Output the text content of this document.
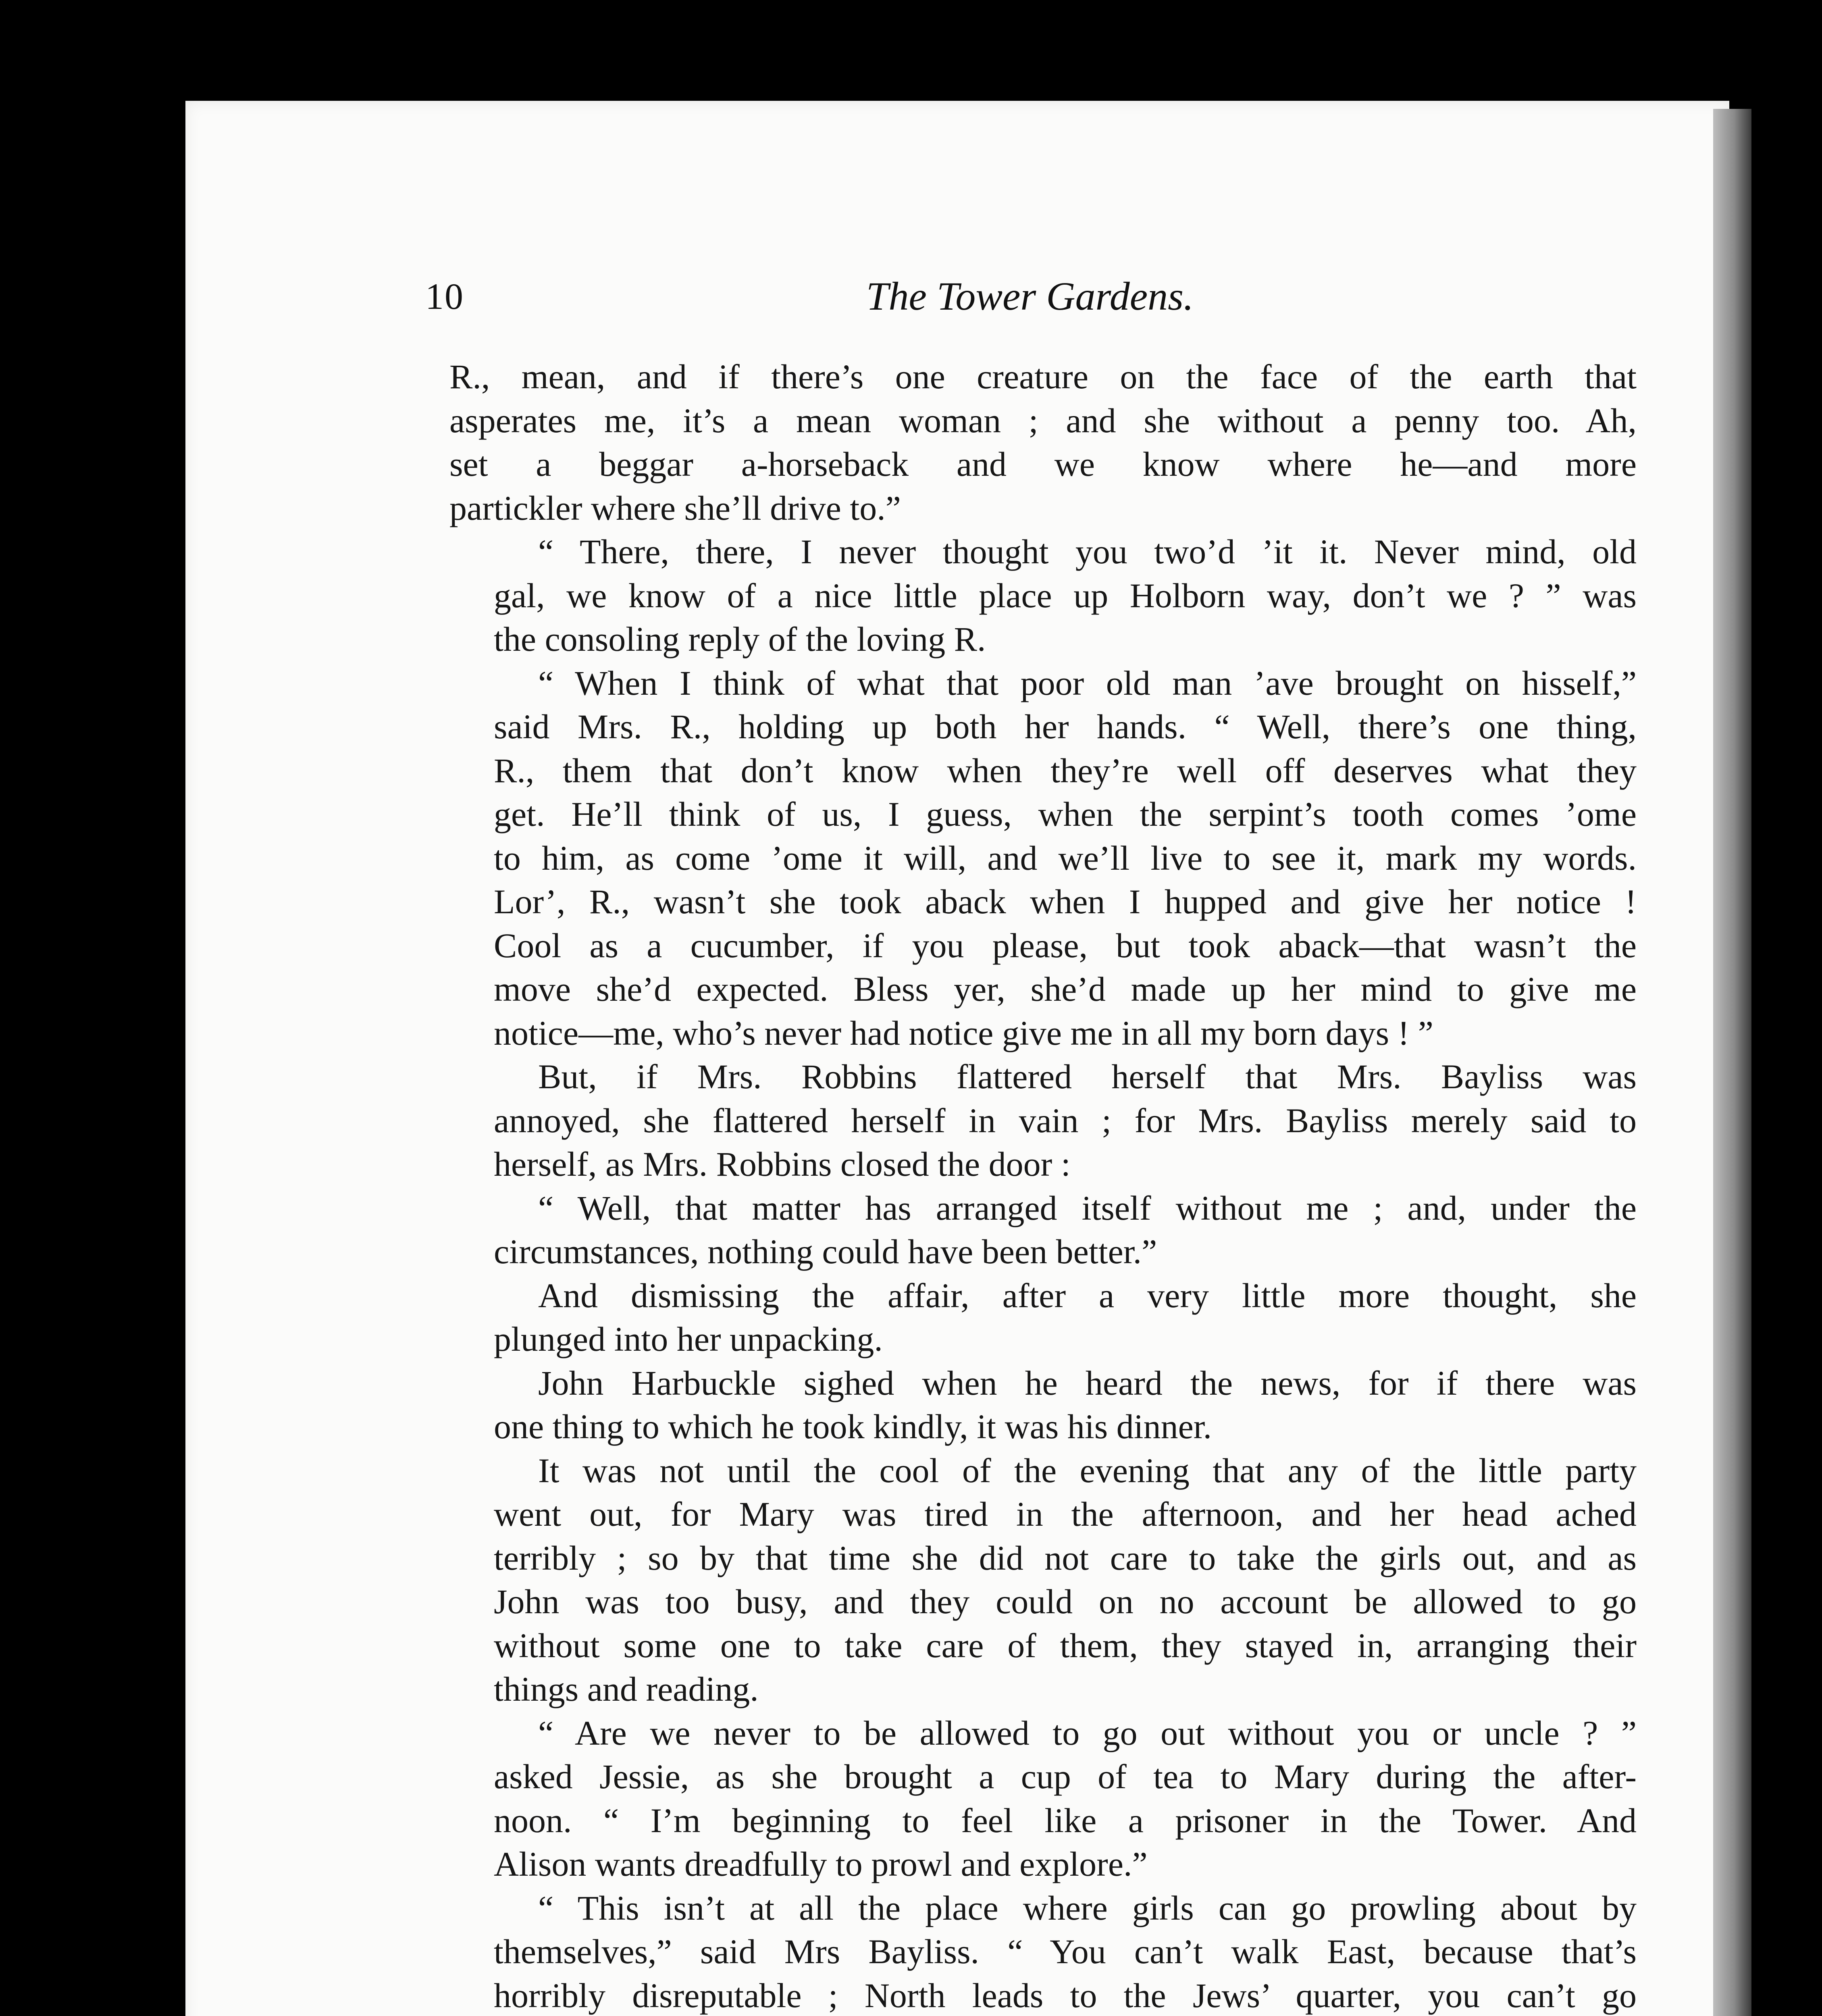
10	The Tower Gardens.
R., mean, and if there’s one creature on the face of the earth that
asperates me, it’s a mean woman ; and she without a penny too. Ah,
set a beggar a-horseback and we know where he—and more
partickler where she’ll drive to.”
“ There, there, I never thought you two’d ’it it. Never mind, old
gal, we know of a nice little place up Holborn way, don’t we ? ” was
the consoling reply of the loving R.
“ When I think of what that poor old man ’ave brought on hisself,”
said Mrs. R., holding up both her hands. “ Well, there’s one thing,
R., them that don’t know when they’re well off deserves what they
get. He’ll think of us, I guess, when the serpint’s tooth comes ’ome
to him, as come ’ome it will, and we’ll live to see it, mark my words.
Lor’, R., wasn’t she took aback when I hupped and give her notice !
Cool as a cucumber, if you please, but took aback—that wasn’t the
move she’d expected. Bless yer, she’d made up her mind to give me
notice—me, who’s never had notice give me in all my born days ! ”
But, if Mrs. Robbins flattered herself that Mrs. Bayliss was
annoyed, she flattered herself in vain ; for Mrs. Bayliss merely said to
herself, as Mrs. Robbins closed the door :
“ Well, that matter has arranged itself without me ; and, under the
circumstances, nothing could have been better.”
And dismissing the affair, after a very little more thought, she
plunged into her unpacking.
John Harbuckle sighed when he heard the news, for if there was
one thing to which he took kindly, it was his dinner.
It was not until the cool of the evening that any of the little party
went out, for Mary was tired in the afternoon, and her head ached
terribly ; so by that time she did not care to take the girls out, and as
John was too busy, and they could on no account be allowed to go
without some one to take care of them, they stayed in, arranging their
things and reading.
“ Are we never to be allowed to go out without you or uncle ? ”
asked Jessie, as she brought a cup of tea to Mary during the after-
noon. “ I’m beginning to feel like a prisoner in the Tower. And
Alison wants dreadfully to prowl and explore.”
“ This isn’t at all the place where girls can go prowling about by
themselves,” said Mrs Bayliss. “ You can’t walk East, because that’s
horribly disreputable ; North leads to the Jews’ quarter, you can’t go
